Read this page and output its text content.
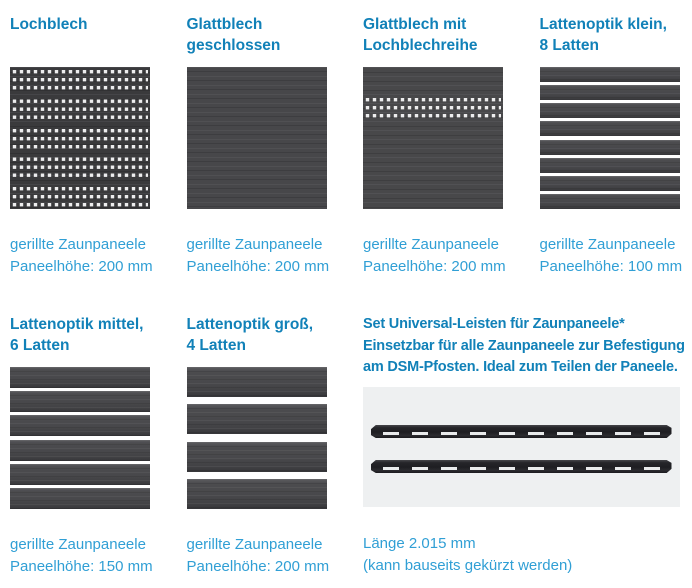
Lochblech
gerillte Zaunpaneele
Paneelhöhe: 200 mm
Glattblech
geschlossen
gerillte Zaunpaneele
Paneelhöhe: 200 mm
Glattblech mit
Lochblechreihe
gerillte Zaunpaneele
Paneelhöhe: 200 mm
Lattenoptik klein,
8 Latten
gerillte Zaunpaneele
Paneelhöhe: 100 mm
Lattenoptik mittel,
6 Latten
gerillte Zaunpaneele
Paneelhöhe: 150 mm
Lattenoptik groß,
4 Latten
gerillte Zaunpaneele
Paneelhöhe: 200 mm
Set Universal-Leisten für Zaunpaneele*
Einsetzbar für alle Zaunpaneele zur Befestigung
am DSM-Pfosten. Ideal zum Teilen der Paneele.
Länge 2.015 mm
(kann bauseits gekürzt werden)
